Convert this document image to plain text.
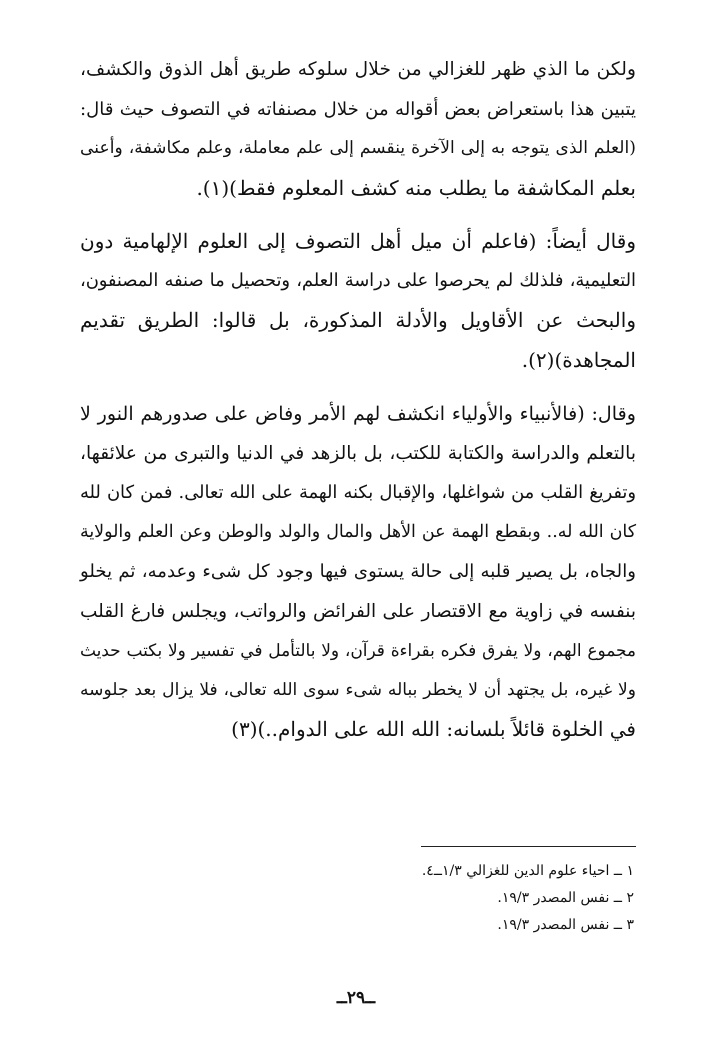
ولكن ما الذي ظهر للغزالي من خلال سلوكه طريق أهل الذوق والكشف،
يتبين هذا باستعراض بعض أقواله من خلال مصنفاته في التصوف حيث قال:
(العلم الذى يتوجه به إلى الآخرة ينقسم إلى علم معاملة، وعلم مكاشفة، وأعنى
بعلم المكاشفة ما يطلب منه كشف المعلوم فقط)(١).

وقال أيضاً: (فاعلم أن ميل أهل التصوف إلى العلوم الإلهامية دون
التعليمية، فلذلك لم يحرصوا على دراسة العلم، وتحصيل ما صنفه المصنفون،
والبحث عن الأقاويل والأدلة المذكورة، بل قالوا: الطريق تقديم
المجاهدة)(٢).

وقال: (فالأنبياء والأولياء انكشف لهم الأمر وفاض على صدورهم النور لا
بالتعلم والدراسة والكتابة للكتب، بل بالزهد في الدنيا والتبرى من علائقها،
وتفريغ القلب من شواغلها، والإقبال بكنه الهمة على الله تعالى. فمن كان لله
كان الله له.. وبقطع الهمة عن الأهل والمال والولد والوطن وعن العلم والولاية
والجاه، بل يصير قلبه إلى حالة يستوى فيها وجود كل شىء وعدمه، ثم يخلو
بنفسه في زاوية مع الاقتصار على الفرائض والرواتب، ويجلس فارغ القلب
مجموع الهم، ولا يفرق فكره بقراءة قرآن، ولا بالتأمل في تفسير ولا بكتب حديث
ولا غيره، بل يجتهد أن لا يخطر بباله شىء سوى الله تعالى، فلا يزال بعد جلوسه
في الخلوة قائلاً بلسانه: الله الله على الدوام..)(٣)

١ ــ احياء علوم الدين للغزالي ١/٣ــ٤.
٢ ــ نفس المصدر ١٩/٣.
٣ ــ نفس المصدر ١٩/٣.
ــ٢٩ــ
